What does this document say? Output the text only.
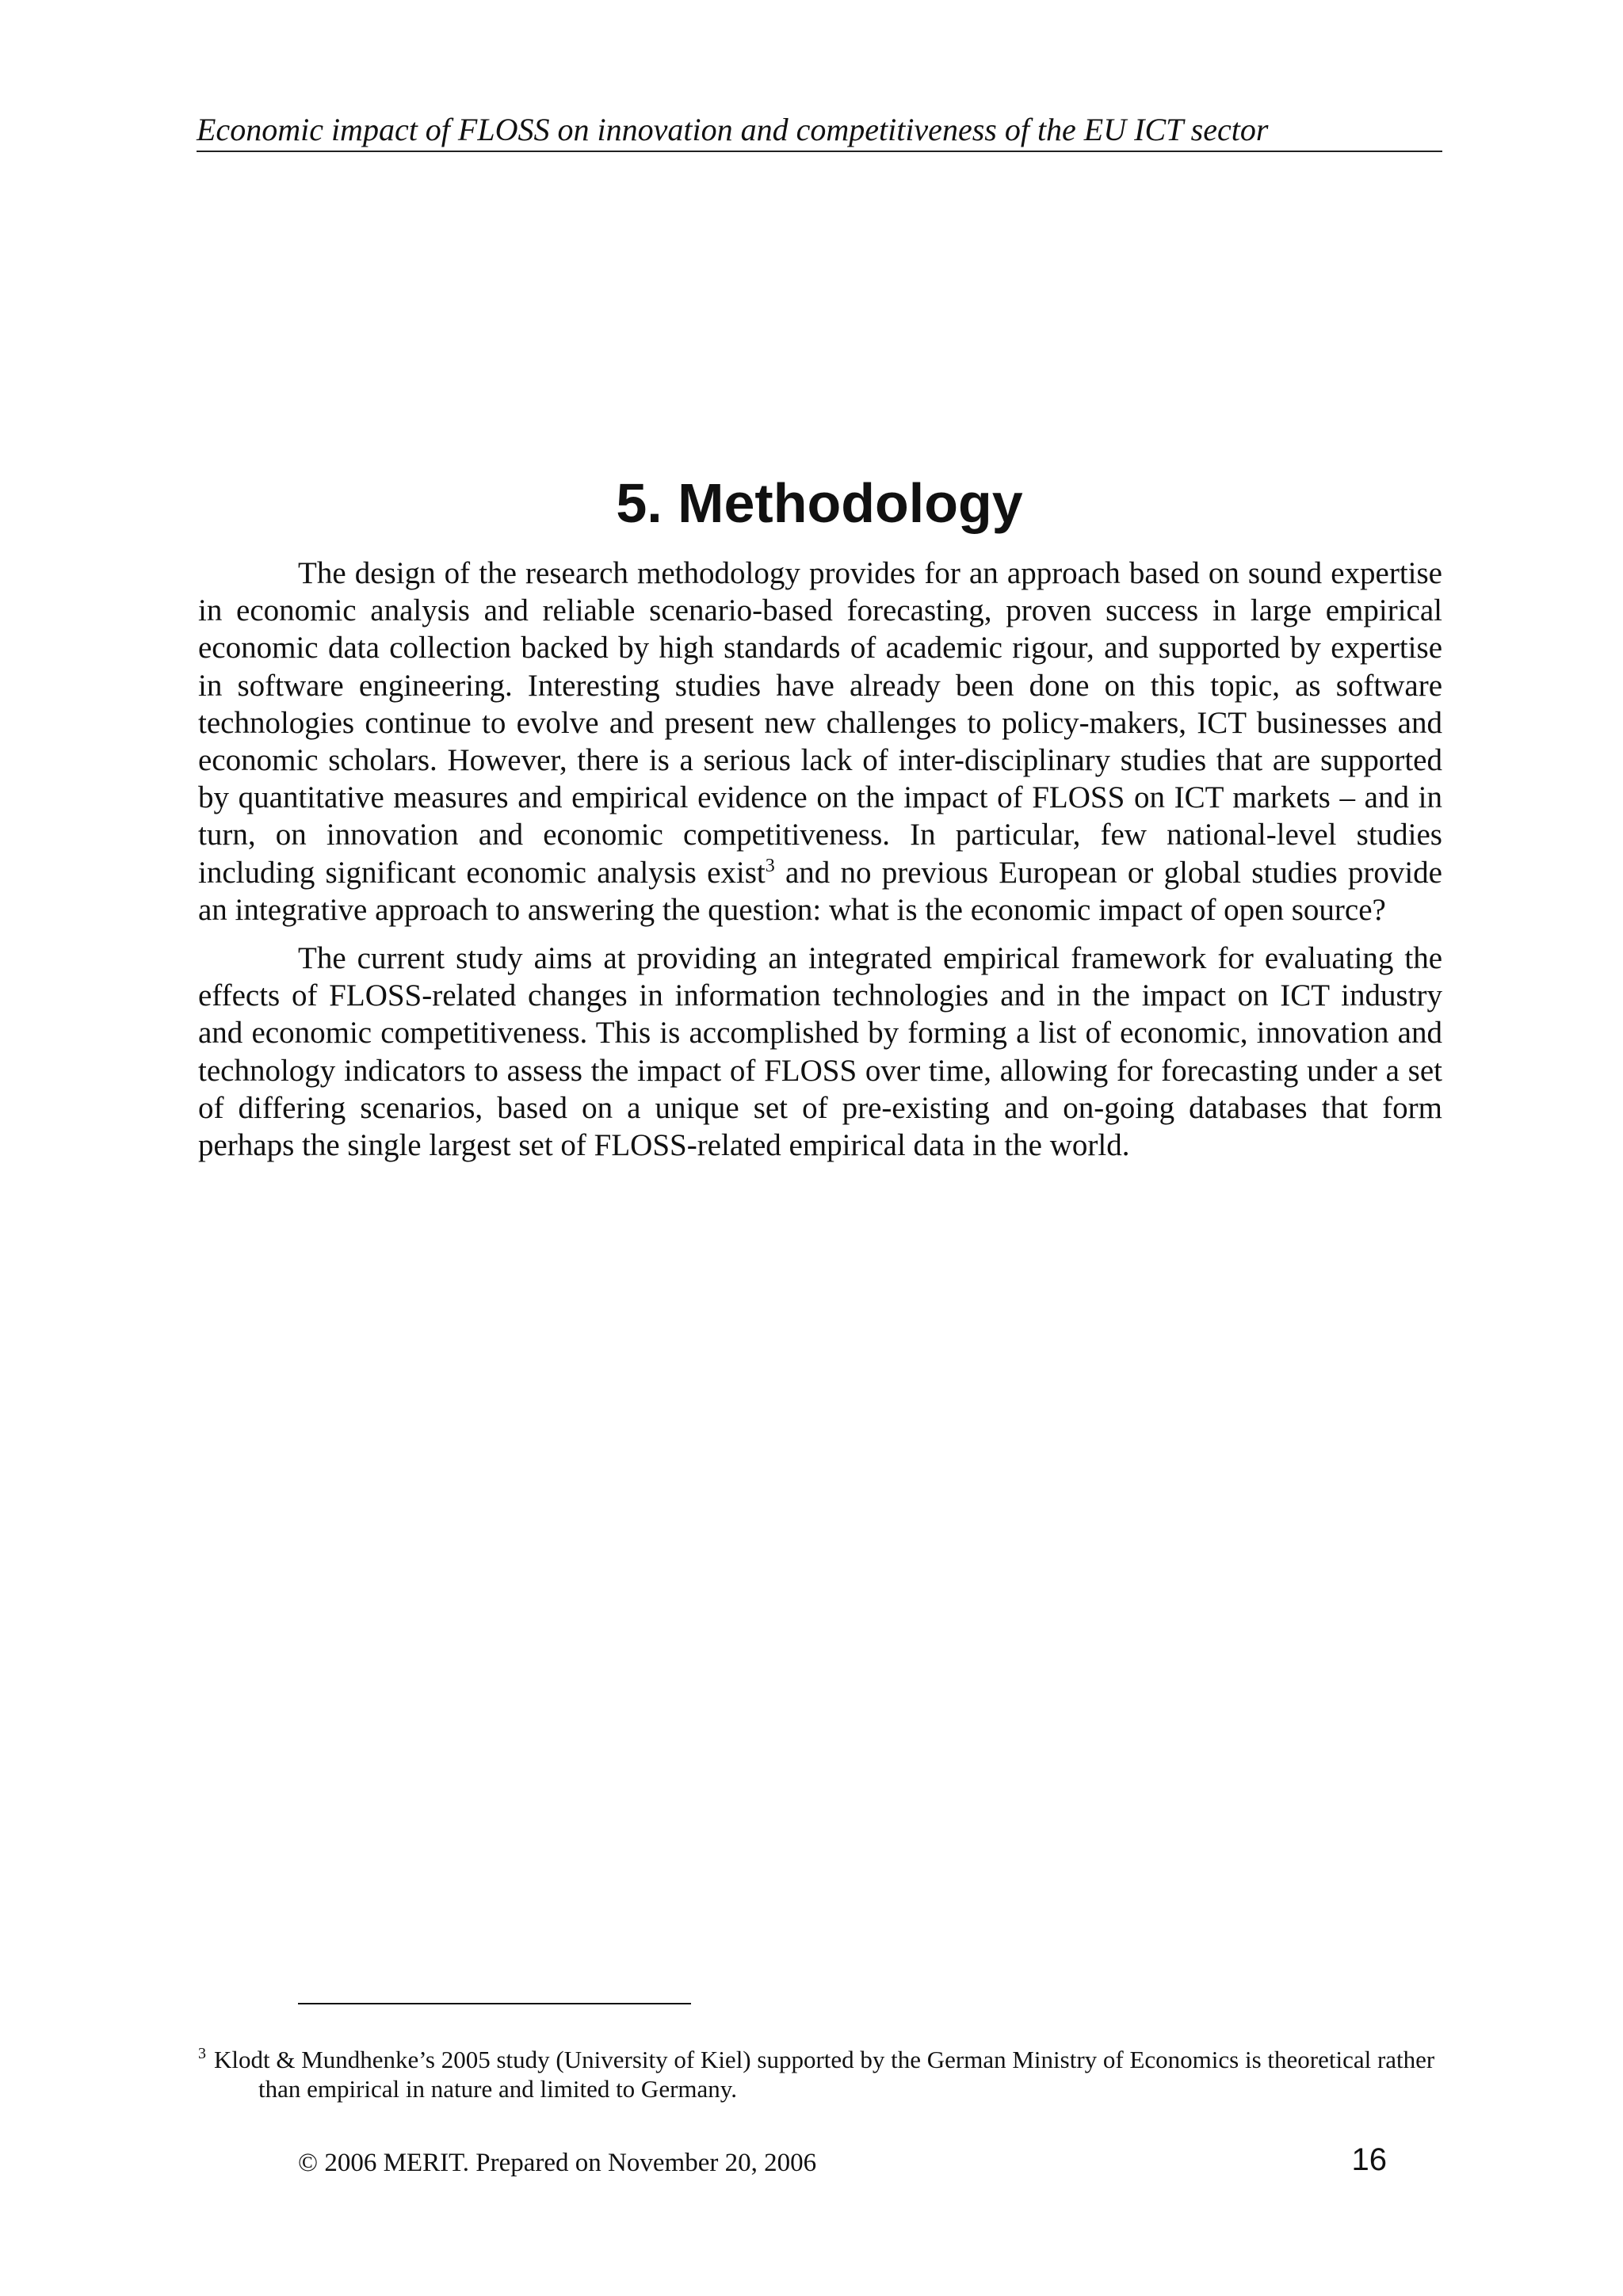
Economic impact of FLOSS on innovation and competitiveness of the EU ICT sector
5. Methodology

The design of the research methodology provides for an approach based on sound expertise in economic analysis and reliable scenario-based forecasting, proven success in large empirical economic data collection backed by high standards of academic rigour, and supported by expertise in software engineering. Interesting studies have already been done on this topic, as software technologies continue to evolve and present new challenges to policy-makers, ICT businesses and economic scholars. However, there is a serious lack of inter-disciplinary studies that are supported by quantitative measures and empirical evidence on the impact of FLOSS on ICT markets – and in turn, on innovation and economic competitiveness. In particular, few national-level studies including significant economic analysis exist$^3$ and no previous European or global studies provide an integrative approach to answering the question: what is the economic impact of open source?

The current study aims at providing an integrated empirical framework for evaluating the effects of FLOSS-related changes in information technologies and in the impact on ICT industry and economic competitiveness. This is accomplished by forming a list of economic, innovation and technology indicators to assess the impact of FLOSS over time, allowing for forecasting under a set of differing scenarios, based on a unique set of pre-existing and on-going databases that form perhaps the single largest set of FLOSS-related empirical data in the world.

3 Klodt & Mundhenke’s 2005 study (University of Kiel) supported by the German Ministry of Economics is theoretical rather than empirical in nature and limited to Germany.

© 2006 MERIT. Prepared on November 20, 2006	16
